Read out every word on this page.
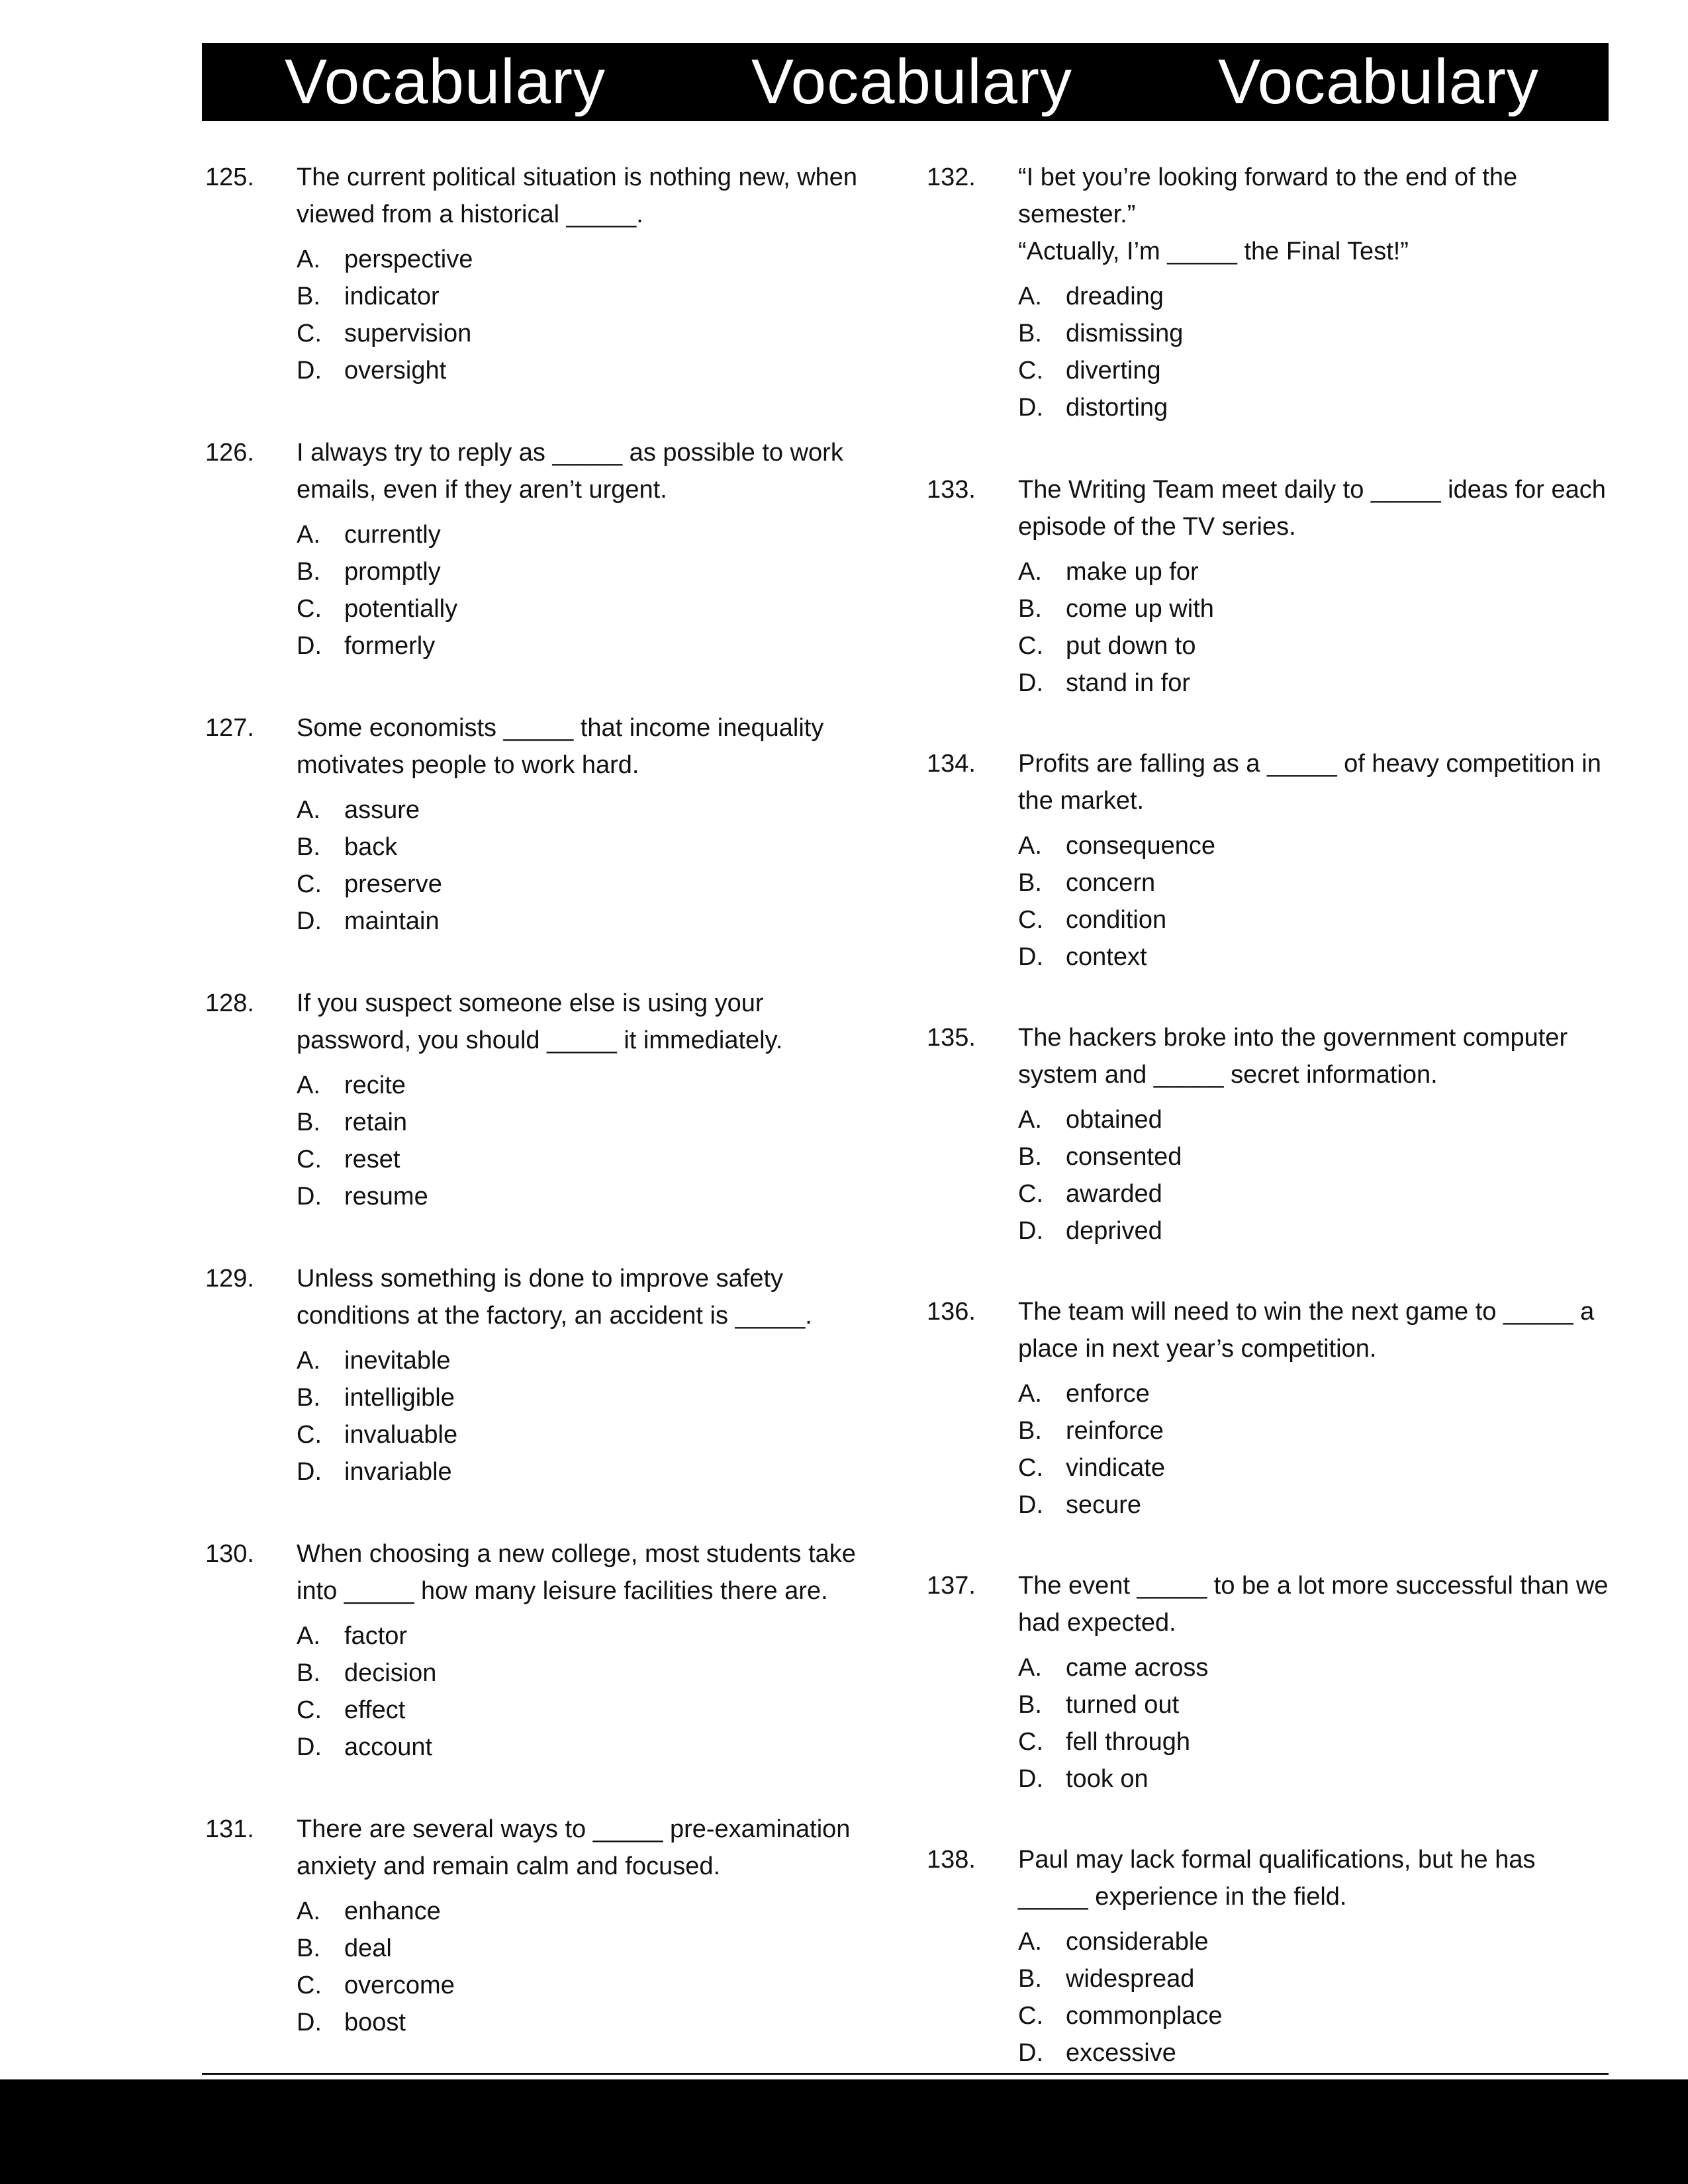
Vocabulary Vocabulary Vocabulary
125. The current political situation is nothing new, when
viewed from a historical _____.
A. perspective
B. indicator
C. supervision
D. oversight
126. I always try to reply as _____ as possible to work
emails, even if they aren’t urgent.
A. currently
B. promptly
C. potentially
D. formerly
127. Some economists _____ that income inequality
motivates people to work hard.
A. assure
B. back
C. preserve
D. maintain
128. If you suspect someone else is using your
password, you should _____ it immediately.
A. recite
B. retain
C. reset
D. resume
129. Unless something is done to improve safety
conditions at the factory, an accident is _____.
A. inevitable
B. intelligible
C. invaluable
D. invariable
130. When choosing a new college, most students take
into _____ how many leisure facilities there are.
A. factor
B. decision
C. effect
D. account
131. There are several ways to _____ pre-examination
anxiety and remain calm and focused.
A. enhance
B. deal
C. overcome
D. boost
132. “I bet you’re looking forward to the end of the
semester.”
“Actually, I’m _____ the Final Test!”
A. dreading
B. dismissing
C. diverting
D. distorting
133. The Writing Team meet daily to _____ ideas for each
episode of the TV series.
A. make up for
B. come up with
C. put down to
D. stand in for
134. Profits are falling as a _____ of heavy competition in
the market.
A. consequence
B. concern
C. condition
D. context
135. The hackers broke into the government computer
system and _____ secret information.
A. obtained
B. consented
C. awarded
D. deprived
136. The team will need to win the next game to _____ a
place in next year’s competition.
A. enforce
B. reinforce
C. vindicate
D. secure
137. The event _____ to be a lot more successful than we
had expected.
A. came across
B. turned out
C. fell through
D. took on
138. Paul may lack formal qualifications, but he has
_____ experience in the field.
A. considerable
B. widespread
C. commonplace
D. excessive
